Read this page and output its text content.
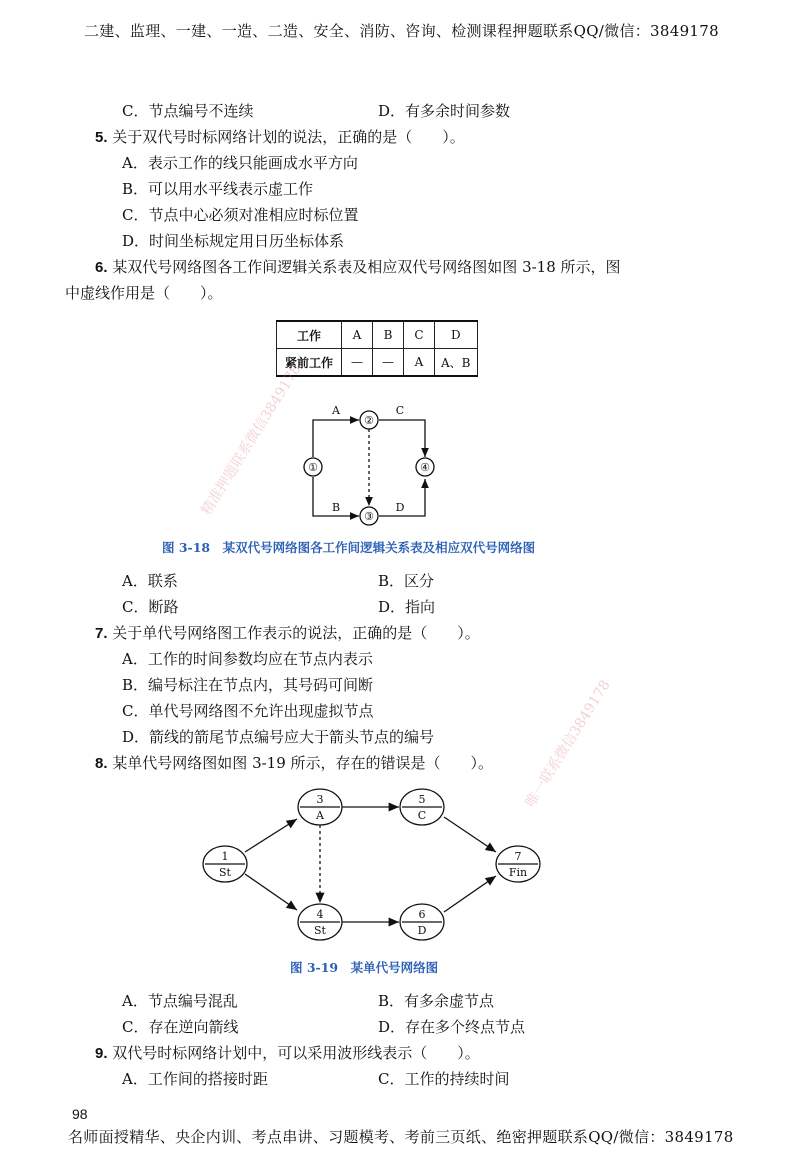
二建、监理、一建、一造、二造、安全、消防、咨询、检测课程押题联系QQ/微信：3849178
C．节点编号不连续	D．有多余时间参数
5. 关于双代号时标网络计划的说法，正确的是（　　）。
A．表示工作的线只能画成水平方向
B．可以用水平线表示虚工作
C．节点中心必须对准相应时标位置
D．时间坐标规定用日历坐标体系
6. 某双代号网络图各工作间逻辑关系表及相应双代号网络图如图 3-18 所示，图
中虚线作用是（　　）。
工作	A	B	C	D
紧前工作	—	—	A	A、B
①
②
③
④
A	C
B	D
图 3-18　某双代号网络图各工作间逻辑关系表及相应双代号网络图
A．联系	B．区分
C．断路	D．指向
7. 关于单代号网络图工作表示的说法，正确的是（　　）。
A．工作的时间参数均应在节点内表示
B．编号标注在节点内，其号码可间断
C．单代号网络图不允许出现虚拟节点
D．箭线的箭尾节点编号应大于箭头节点的编号
8. 某单代号网络图如图 3-19 所示，存在的错误是（　　）。
1
St
3
A
5
C
7
Fin
4
St
6
D
图 3-19　某单代号网络图
A．节点编号混乱	B．有多余虚节点
C．存在逆向箭线	D．存在多个终点节点
9. 双代号时标网络计划中，可以采用波形线表示（　　）。
A．工作间的搭接时距	C．工作的持续时间
98
名师面授精华、央企内训、考点串讲、习题模考、考前三页纸、绝密押题联系QQ/微信：3849178
精准押题联系微信3849178
唯一联系微信3849178
